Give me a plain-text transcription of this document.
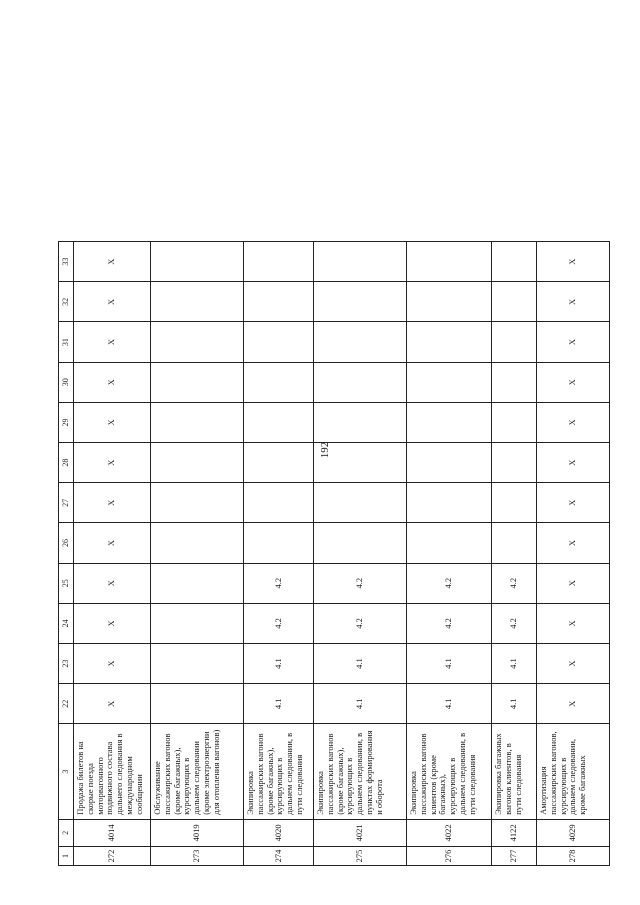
192
1	2	3	22	23	24	25	26	27	28	29	30	31	32	33
272	4014	Продажа билетов на скорые поезда моторвагонного подвижного состава дальнего следования в международном сообщении	X	X	X	X	X	X	X	X	X	X	X	X
273	4019	Обслуживание пассажирских вагонов (кроме багажных), курсирующих в дальнем следовании (кроме электроэнергии для отопления вагонов)												
274	4020	Экипировка пассажирских вагонов (кроме багажных), курсирующих в дальнем следовании, в пути следования	4.1	4.1	4.2	4.2								
275	4021	Экипировка пассажирских вагонов (кроме багажных), курсирующих в дальнем следовании, в пунктах формирования и оборота	4.1	4.1	4.2	4.2								
276	4022	Экипировка пассажирских вагонов клиентов (кроме багажных), курсирующих в дальнем следовании, в пути следования	4.1	4.1	4.2	4.2								
277	4122	Экипировка багажных вагонов клиентов, в пути следования	4.1	4.1	4.2	4.2								
278	4029	Амортизация пассажирских вагонов, курсирующих в дальнем следовании, кроме багажных	X	X	X	X	X	X	X	X	X	X	X	X
